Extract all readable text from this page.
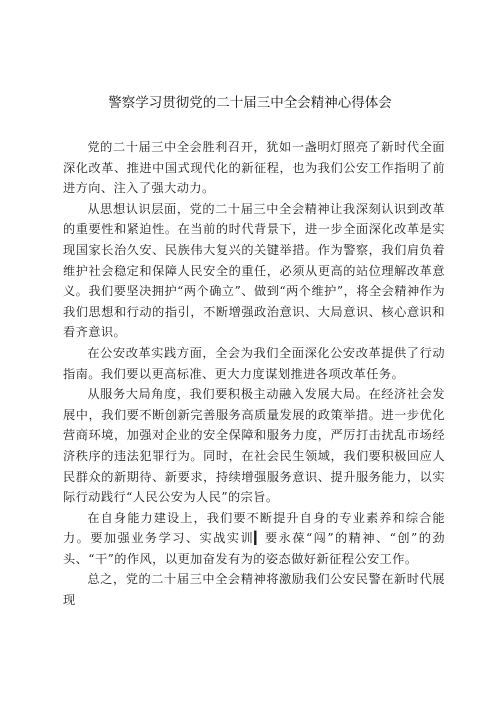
警察学习贯彻党的二十届三中全会精神心得体会

党的二十届三中全会胜利召开，犹如一盏明灯照亮了新时代全面深化改革、推进中国式现代化的新征程，也为我们公安工作指明了前进方向、注入了强大动力。

从思想认识层面，党的二十届三中全会精神让我深刻认识到改革的重要性和紧迫性。在当前的时代背景下，进一步全面深化改革是实现国家长治久安、民族伟大复兴的关键举措。作为警察，我们肩负着维护社会稳定和保障人民安全的重任，必须从更高的站位理解改革意义。我们要坚决拥护“两个确立”、做到“两个维护”，将全会精神作为我们思想和行动的指引，不断增强政治意识、大局意识、核心意识和看齐意识。

在公安改革实践方面，全会为我们全面深化公安改革提供了行动指南。我们要以更高标准、更大力度谋划推进各项改革任务。

从服务大局角度，我们要积极主动融入发展大局。在经济社会发展中，我们要不断创新完善服务高质量发展的政策举措。进一步优化营商环境，加强对企业的安全保障和服务力度，严厉打击扰乱市场经济秩序的违法犯罪行为。同时，在社会民生领域，我们要积极回应人民群众的新期待、新要求，持续增强服务意识、提升服务能力，以实际行动践行“人民公安为人民”的宗旨。

在自身能力建设上，我们要不断提升自身的专业素养和综合能力。要加强业务学习、实战实训▎要永葆“闯”的精神、“创”的劲头、“干”的作风，以更加奋发有为的姿态做好新征程公安工作。

总之，党的二十届三中全会精神将激励我们公安民警在新时代展现
